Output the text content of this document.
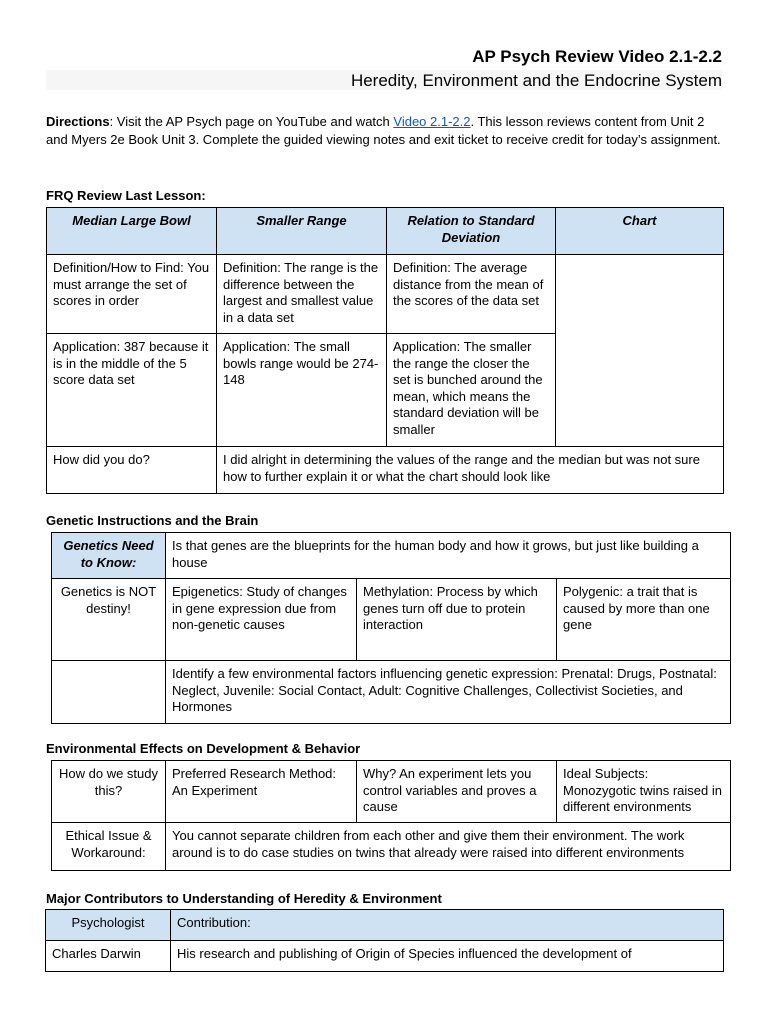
AP Psych Review Video 2.1-2.2
Heredity, Environment and the Endocrine System
Directions: Visit the AP Psych page on YouTube and watch Video 2.1-2.2. This lesson reviews content from Unit 2 and Myers 2e Book Unit 3. Complete the guided viewing notes and exit ticket to receive credit for today’s assignment.
FRQ Review Last Lesson:
Median Large Bowl	Smaller Range	Relation to Standard Deviation	Chart
Definition/How to Find: You must arrange the set of scores in order	Definition: The range is the difference between the largest and smallest value in a data set	Definition: The average distance from the mean of the scores of the data set	
Application: 387 because it is in the middle of the 5 score data set	Application: The small bowls range would be 274-148	Application: The smaller the range the closer the set is bunched around the mean, which means the standard deviation will be smaller	
How did you do?	I did alright in determining the values of the range and the median but was not sure how to further explain it or what the chart should look like		
Genetic Instructions and the Brain
Genetics Need to Know:	Is that genes are the blueprints for the human body and how it grows, but just like building a house		
Genetics is NOT destiny!	Epigenetics: Study of changes in gene expression due from non-genetic causes	Methylation: Process by which genes turn off due to protein interaction	Polygenic: a trait that is caused by more than one gene
	Identify a few environmental factors influencing genetic expression: Prenatal: Drugs, Postnatal: Neglect, Juvenile: Social Contact, Adult: Cognitive Challenges, Collectivist Societies, and Hormones		
Environmental Effects on Development & Behavior
How do we study this?	Preferred Research Method: An Experiment	Why? An experiment lets you control variables and proves a cause	Ideal Subjects: Monozygotic twins raised in different environments
Ethical Issue & Workaround:	You cannot separate children from each other and give them their environment. The work around is to do case studies on twins that already were raised into different environments		
Major Contributors to Understanding of Heredity & Environment
Psychologist	Contribution:
Charles Darwin	His research and publishing of Origin of Species influenced the development of
